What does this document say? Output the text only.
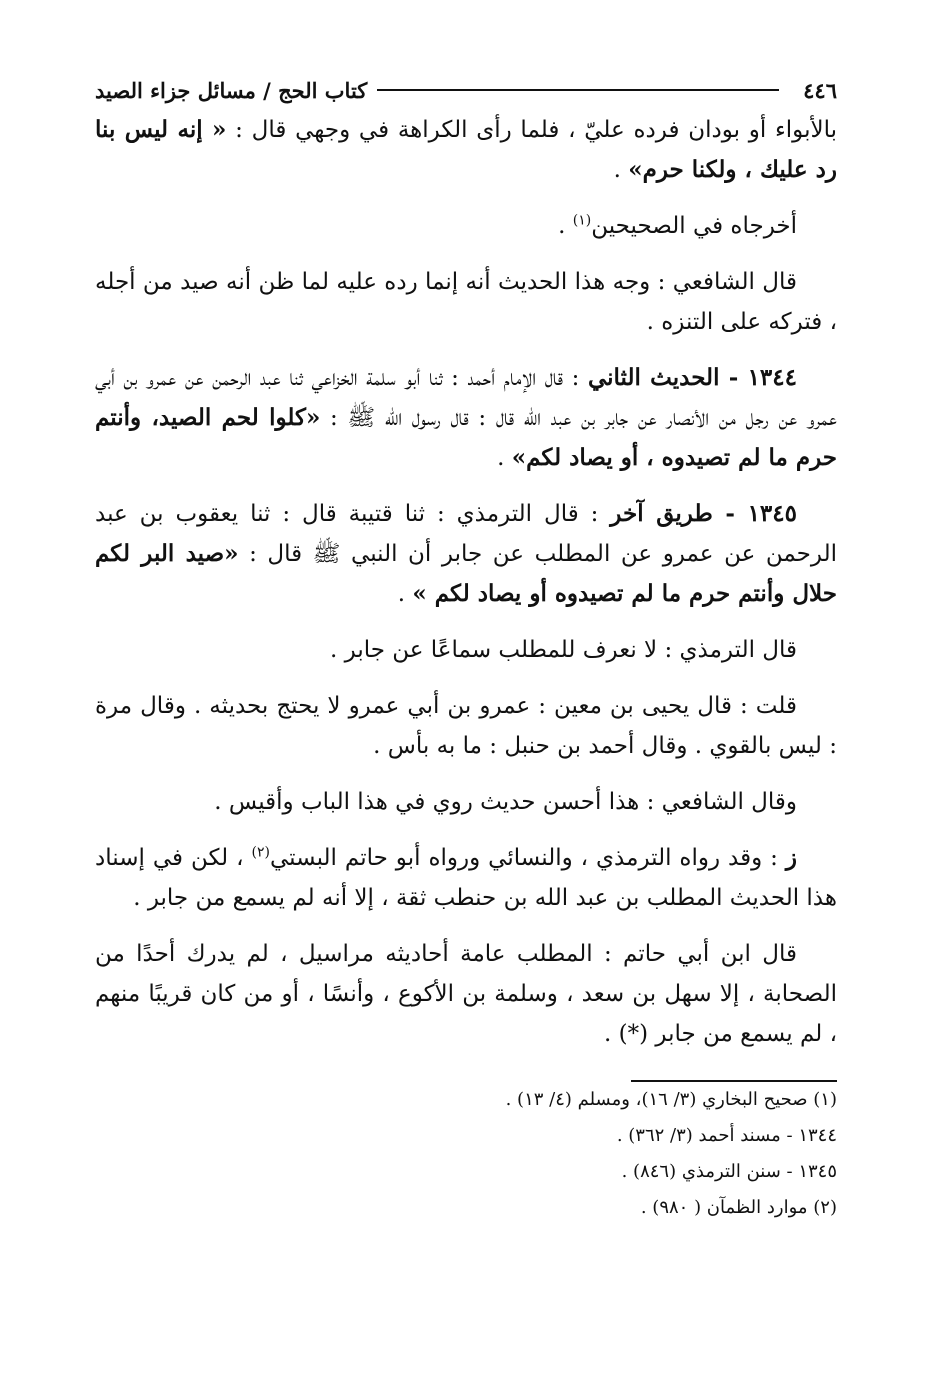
٤٤٦
كتاب الحج / مسائل جزاء الصيد

بالأبواء أو بودان فرده عليّ ، فلما رأى الكراهة في وجهي قال : « إنه ليس بنا رد عليك ، ولكنا حرم» .

أخرجاه في الصحيحين$^{(١)}$ .

قال الشافعي : وجه هذا الحديث أنه إنما رده عليه لما ظن أنه صيد من أجله ، فتركه على التنزه .

١٣٤٤ - الحديث الثاني : قال الإمام أحمد : ثنا أبو سلمة الخزاعي ثنا عبد الرحمن عن عمرو بن أبي عمرو عن رجل من الأنصار عن جابر بن عبد الله قال : قال رسول الله ﷺ : «كلوا لحم الصيد، وأنتم حرم ما لم تصيدوه ، أو يصاد لكم» .

١٣٤٥ - طريق آخر : قال الترمذي : ثنا قتيبة قال : ثنا يعقوب بن عبد الرحمن عن عمرو عن المطلب عن جابر أن النبي ﷺ قال : «صيد البر لكم حلال وأنتم حرم ما لم تصيدوه أو يصاد لكم » .

قال الترمذي : لا نعرف للمطلب سماعًا عن جابر .

قلت : قال يحيى بن معين : عمرو بن أبي عمرو لا يحتج بحديثه . وقال مرة : ليس بالقوي . وقال أحمد بن حنبل : ما به بأس .

وقال الشافعي : هذا أحسن حديث روي في هذا الباب وأقيس .

ز : وقد رواه الترمذي ، والنسائي ورواه أبو حاتم البستي$^{(٢)}$ ، لكن في إسناد هذا الحديث المطلب بن عبد الله بن حنطب ثقة ، إلا أنه لم يسمع من جابر .

قال ابن أبي حاتم : المطلب عامة أحاديثه مراسيل ، لم يدرك أحدًا من الصحابة ، إلا سهل بن سعد ، وسلمة بن الأكوع ، وأنسًا ، أو من كان قريبًا منهم ، لم يسمع من جابر (*) .

(١) صحيح البخاري (٣/ ١٦)، ومسلم (٤/ ١٣) .

١٣٤٤ - مسند أحمد (٣/ ٣٦٢) .

١٣٤٥ - سنن الترمذي (٨٤٦) .

(٢) موارد الظمآن ( ٩٨٠) .
